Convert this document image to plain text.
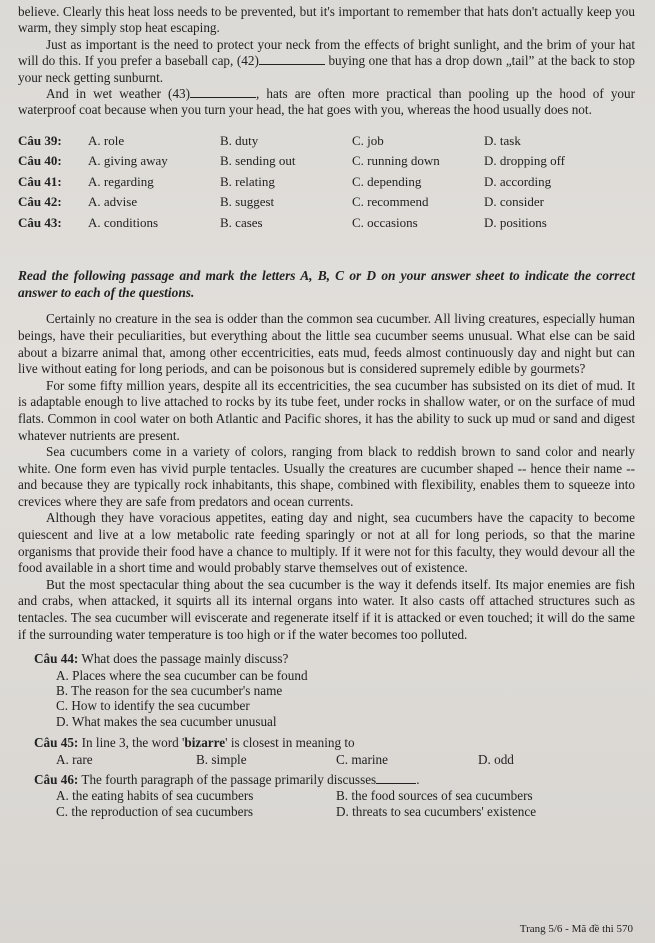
believe. Clearly this heat loss needs to be prevented, but it's important to remember that hats don't actually keep you warm, they simply stop heat escaping.

Just as important is the need to protect your neck from the effects of bright sunlight, and the brim of your hat will do this. If you prefer a baseball cap, (42)	buying one that has a drop down „tail” at the back to stop your neck getting sunburnt.

And in wet weather (43)	, hats are often more practical than pooling up the hood of your waterproof coat because when you turn your head, the hat goes with you, whereas the hood usually does not.

Câu 39:	A. role	B. duty	C. job	D. task
Câu 40:	A. giving away	B. sending out	C. running down	D. dropping off
Câu 41:	A. regarding	B. relating	C. depending	D. according
Câu 42:	A. advise	B. suggest	C. recommend	D. consider
Câu 43:	A. conditions	B. cases	C. occasions	D. positions

Read the following passage and mark the letters A, B, C or D on your answer sheet to indicate the correct answer to each of the questions.

Certainly no creature in the sea is odder than the common sea cucumber. All living creatures, especially human beings, have their peculiarities, but everything about the little sea cucumber seems unusual. What else can be said about a bizarre animal that, among other eccentricities, eats mud, feeds almost continuously day and night but can live without eating for long periods, and can be poisonous but is considered supremely edible by gourmets?

For some fifty million years, despite all its eccentricities, the sea cucumber has subsisted on its diet of mud. It is adaptable enough to live attached to rocks by its tube feet, under rocks in shallow water, or on the surface of mud flats. Common in cool water on both Atlantic and Pacific shores, it has the ability to suck up mud or sand and digest whatever nutrients are present.

Sea cucumbers come in a variety of colors, ranging from black to reddish brown to sand color and nearly white. One form even has vivid purple tentacles. Usually the creatures are cucumber shaped -- hence their name -- and because they are typically rock inhabitants, this shape, combined with flexibility, enables them to squeeze into crevices where they are safe from predators and ocean currents.

Although they have voracious appetites, eating day and night, sea cucumbers have the capacity to become quiescent and live at a low metabolic rate feeding sparingly or not at all for long periods, so that the marine organisms that provide their food have a chance to multiply. If it were not for this faculty, they would devour all the food available in a short time and would probably starve themselves out of existence.

But the most spectacular thing about the sea cucumber is the way it defends itself. Its major enemies are fish and crabs, when attacked, it squirts all its internal organs into water. It also casts off attached structures such as tentacles. The sea cucumber will eviscerate and regenerate itself if it is attacked or even touched; it will do the same if the surrounding water temperature is too high or if the water becomes too polluted.

Câu 44: What does the passage mainly discuss?
A. Places where the sea cucumber can be found
B. The reason for the sea cucumber's name
C. How to identify the sea cucumber
D. What makes the sea cucumber unusual
Câu 45: In line 3, the word 'bizarre' is closest in meaning to
A. rare	B. simple	C. marine	D. odd
Câu 46: The fourth paragraph of the passage primarily discusses	.
A. the eating habits of sea cucumbers	B. the food sources of sea cucumbers
C. the reproduction of sea cucumbers	D. threats to sea cucumbers' existence
Trang 5/6 - Mã đề thi 570
